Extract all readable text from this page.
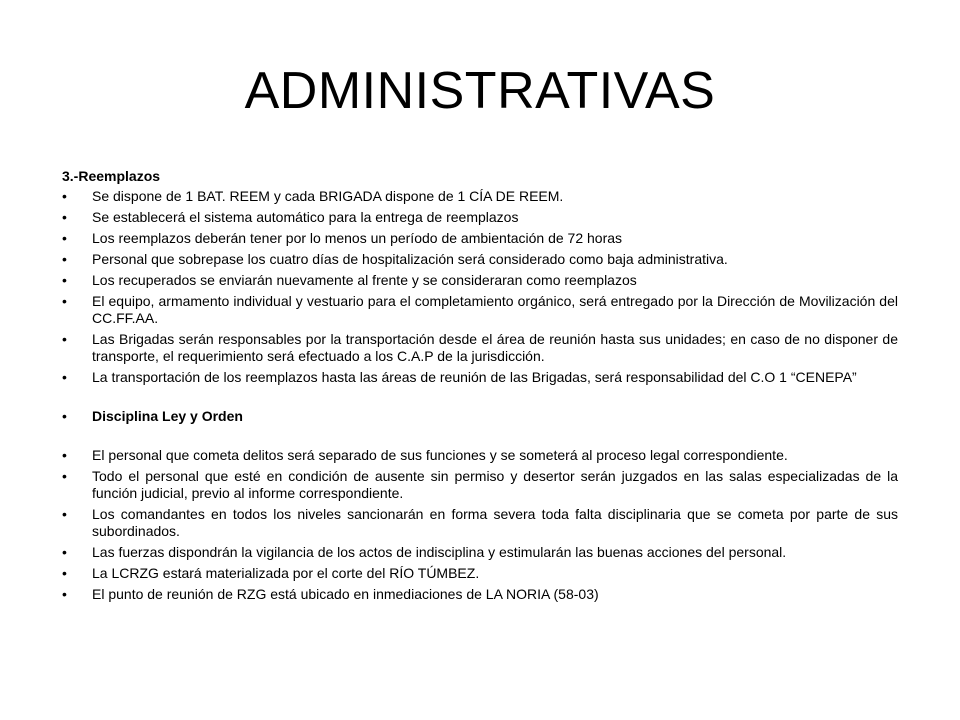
ADMINISTRATIVAS

3.-Reemplazos

• Se dispone de 1 BAT. REEM y cada BRIGADA dispone de 1 CÍA DE REEM.
• Se establecerá el sistema automático para la entrega de reemplazos
• Los reemplazos deberán tener por lo menos un período de ambientación de 72 horas
• Personal que sobrepase los cuatro días de hospitalización será considerado como baja administrativa.
• Los recuperados se enviarán nuevamente al frente y se consideraran como reemplazos
• El equipo, armamento individual y vestuario para el completamiento orgánico, será entregado por la Dirección de Movilización del CC.FF.AA.
• Las Brigadas serán responsables por la transportación desde el área de reunión hasta sus unidades; en caso de no disponer de transporte, el requerimiento será efectuado a los C.A.P de la jurisdicción.
• La transportación de los reemplazos hasta las áreas de reunión de las Brigadas, será responsabilidad del C.O 1 “CENEPA”
• Disciplina Ley y Orden
• El personal que cometa delitos será separado de sus funciones y se someterá al proceso legal correspondiente.
• Todo el personal que esté en condición de ausente sin permiso y desertor serán juzgados en las salas especializadas de la función judicial, previo al informe correspondiente.
• Los comandantes en todos los niveles sancionarán en forma severa toda falta disciplinaria que se cometa por parte de sus subordinados.
• Las fuerzas dispondrán la vigilancia de los actos de indisciplina y estimularán las buenas acciones del personal.
• La LCRZG estará materializada por el corte del RÍO TÚMBEZ.
• El punto de reunión de RZG está ubicado en inmediaciones de LA NORIA (58-03)
